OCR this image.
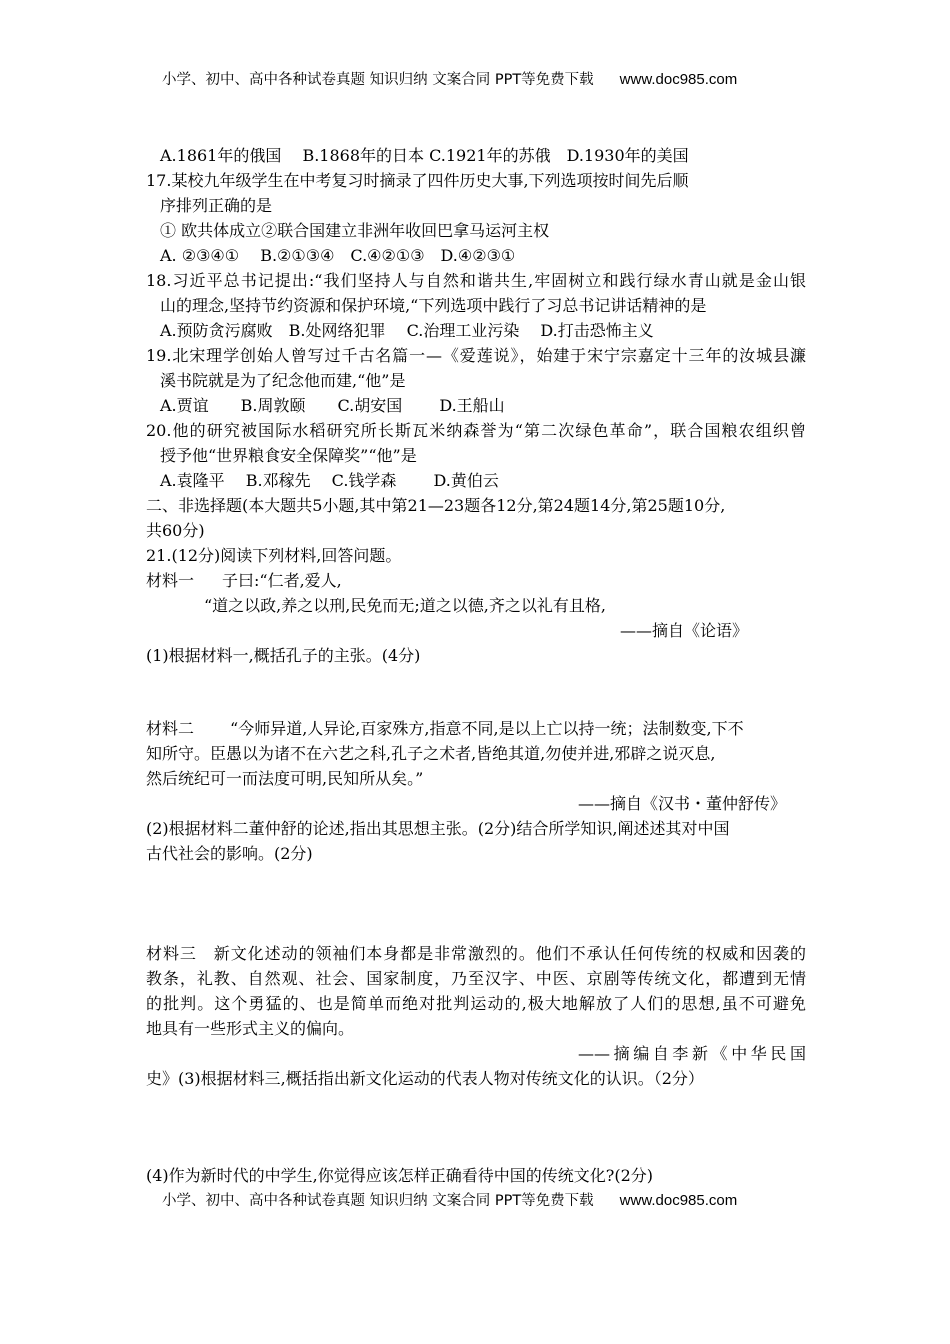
小学、初中、高中各种试卷真题 知识归纳 文案合同 PPT等免费下载 www.doc985.com
A.1861年的俄国　 B.1868年的日本 C.1921年的苏俄　D.1930年的美国
17.某校九年级学生在中考复习时摘录了四件历史大事,下列选项按时间先后顺
序排列正确的是
① 欧共体成立②联合国建立非洲年收回巴拿马运河主权
A. ②③④①　 B.②①③④　C.④②①③　D.④②③①
18.习近平总书记提出:“我们坚持人与自然和谐共生,牢固树立和践行绿水青山就是金山银
山的理念,坚持节约资源和保护环境,“下列选项中践行了习总书记讲话精神的是
A.预防贪污腐败　B.处网络犯罪　 C.治理工业污染　 D.打击恐怖主义
19.北宋理学创始人曾写过千古名篇一—《爱莲说》，始建于宋宁宗嘉定十三年的汝城县濂
溪书院就是为了纪念他而建,“他”是
A.贾谊　　B.周敦颐　　C.胡安国　　 D.王船山
20.他的研究被国际水稻研究所长斯瓦米纳森誉为“第二次绿色革命”，联合国粮农组织曾
授予他“世界粮食安全保障奖”“他”是
A.袁隆平　 B.邓稼先　 C.钱学森　　 D.黄伯云
二、非选择题(本大题共5小题,其中第21—23题各12分,第24题14分,第25题10分,
共60分)
21.(12分)阅读下列材料,回答问题。
材料一 子曰:“仁者,爱人,
“道之以政,养之以刑,民免而无;道之以德,齐之以礼有且格,
——摘自《论语》
(1)根据材料一,概括孔子的主张。(4分)
材料二 “今师异道,人异论,百家殊方,指意不同,是以上亡以持一统；法制数变,下不
知所守。臣愚以为诸不在六艺之科,孔子之术者,皆绝其道,勿使并进,邪辟之说灭息,
然后统纪可一而法度可明,民知所从矣。”
——摘自《汉书・董仲舒传》
(2)根据材料二董仲舒的论述,指出其思想主张。(2分)结合所学知识,阐述述其对中国
古代社会的影响。(2分)
材料三　新文化述动的领袖们本身都是非常激烈的。他们不承认任何传统的权威和因袭的
教条，礼教、自然观、社会、国家制度，乃至汉字、中医、京剧等传统文化，都遭到无情
的批判。这个勇猛的、也是简单而绝对批判运动的,极大地解放了人们的思想,虽不可避免
地具有一些形式主义的偏向。
——摘编自李新《中华民国
史》(3)根据材料三,概括指出新文化运动的代表人物对传统文化的认识。（2分）
(4)作为新时代的中学生,你觉得应该怎样正确看待中国的传统文化?(2分)
小学、初中、高中各种试卷真题 知识归纳 文案合同 PPT等免费下载 www.doc985.com
